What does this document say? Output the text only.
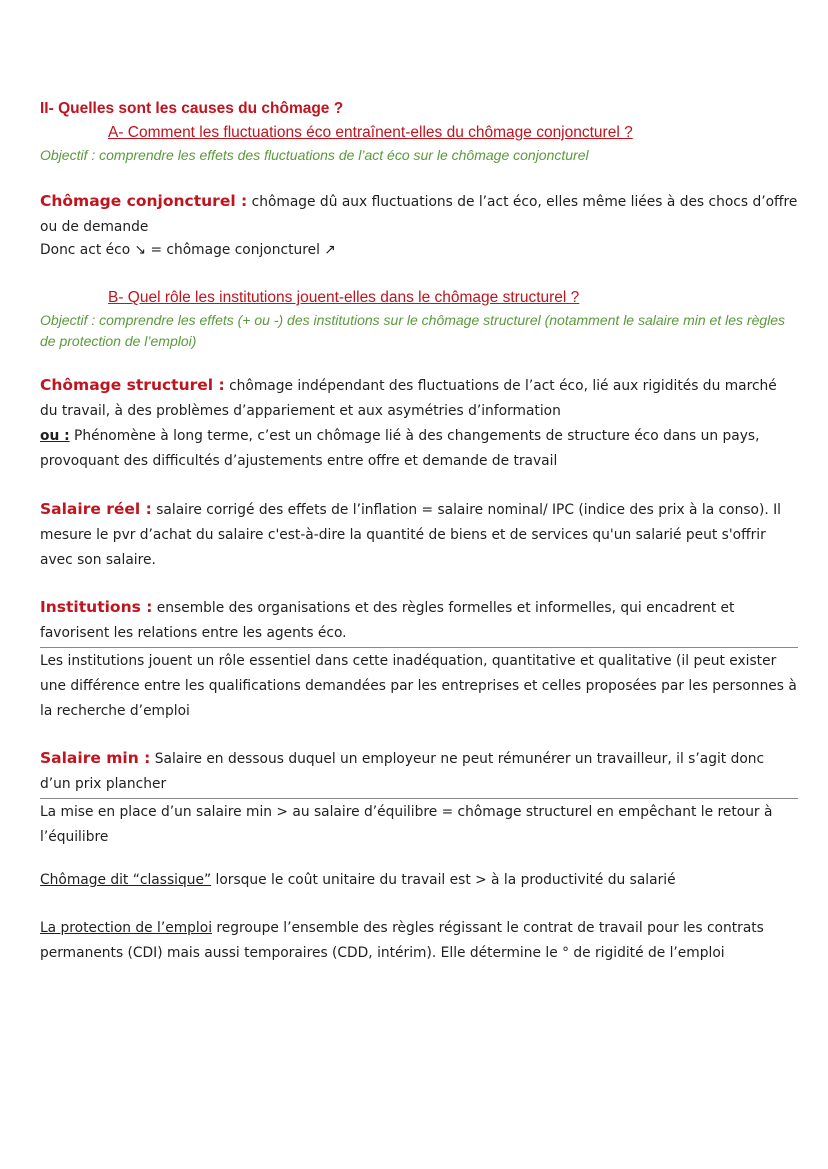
II- Quelles sont les causes du chômage ?
A- Comment les fluctuations éco entraînent-elles du chômage conjoncturel ?
Objectif : comprendre les effets des fluctuations de l’act éco sur le chômage conjoncturel
Chômage conjoncturel : chômage dû aux fluctuations de l’act éco, elles même liées à des chocs d’offre ou de demande
Donc act éco ↘ = chômage conjoncturel ↗
B- Quel rôle les institutions jouent-elles dans le chômage structurel ?
Objectif : comprendre les effets (+ ou -) des institutions sur le chômage structurel (notamment le salaire min et les règles de protection de l’emploi)
Chômage structurel : chômage indépendant des fluctuations de l’act éco, lié aux rigidités du marché du travail, à des problèmes d’appariement et aux asymétries d’information
ou : Phénomène à long terme, c’est un chômage lié à des changements de structure éco dans un pays, provoquant des difficultés d’ajustements entre offre et demande de travail
Salaire réel : salaire corrigé des effets de l’inflation = salaire nominal/ IPC (indice des prix à la conso). Il mesure le pvr d’achat du salaire c'est-à-dire la quantité de biens et de services qu'un salarié peut s'offrir avec son salaire.
Institutions : ensemble des organisations et des règles formelles et informelles, qui encadrent et favorisent les relations entre les agents éco.
Les institutions jouent un rôle essentiel dans cette inadéquation, quantitative et qualitative (il peut exister une différence entre les qualifications demandées par les entreprises et celles proposées par les personnes à la recherche d’emploi
Salaire min : Salaire en dessous duquel un employeur ne peut rémunérer un travailleur, il s’agit donc d’un prix plancher
La mise en place d’un salaire min > au salaire d’équilibre = chômage structurel en empêchant le retour à l’équilibre
Chômage dit “classique” lorsque le coût unitaire du travail est > à la productivité du salarié
La protection de l’emploi regroupe l’ensemble des règles régissant le contrat de travail pour les contrats permanents (CDI) mais aussi temporaires (CDD, intérim). Elle détermine le ° de rigidité de l’emploi
